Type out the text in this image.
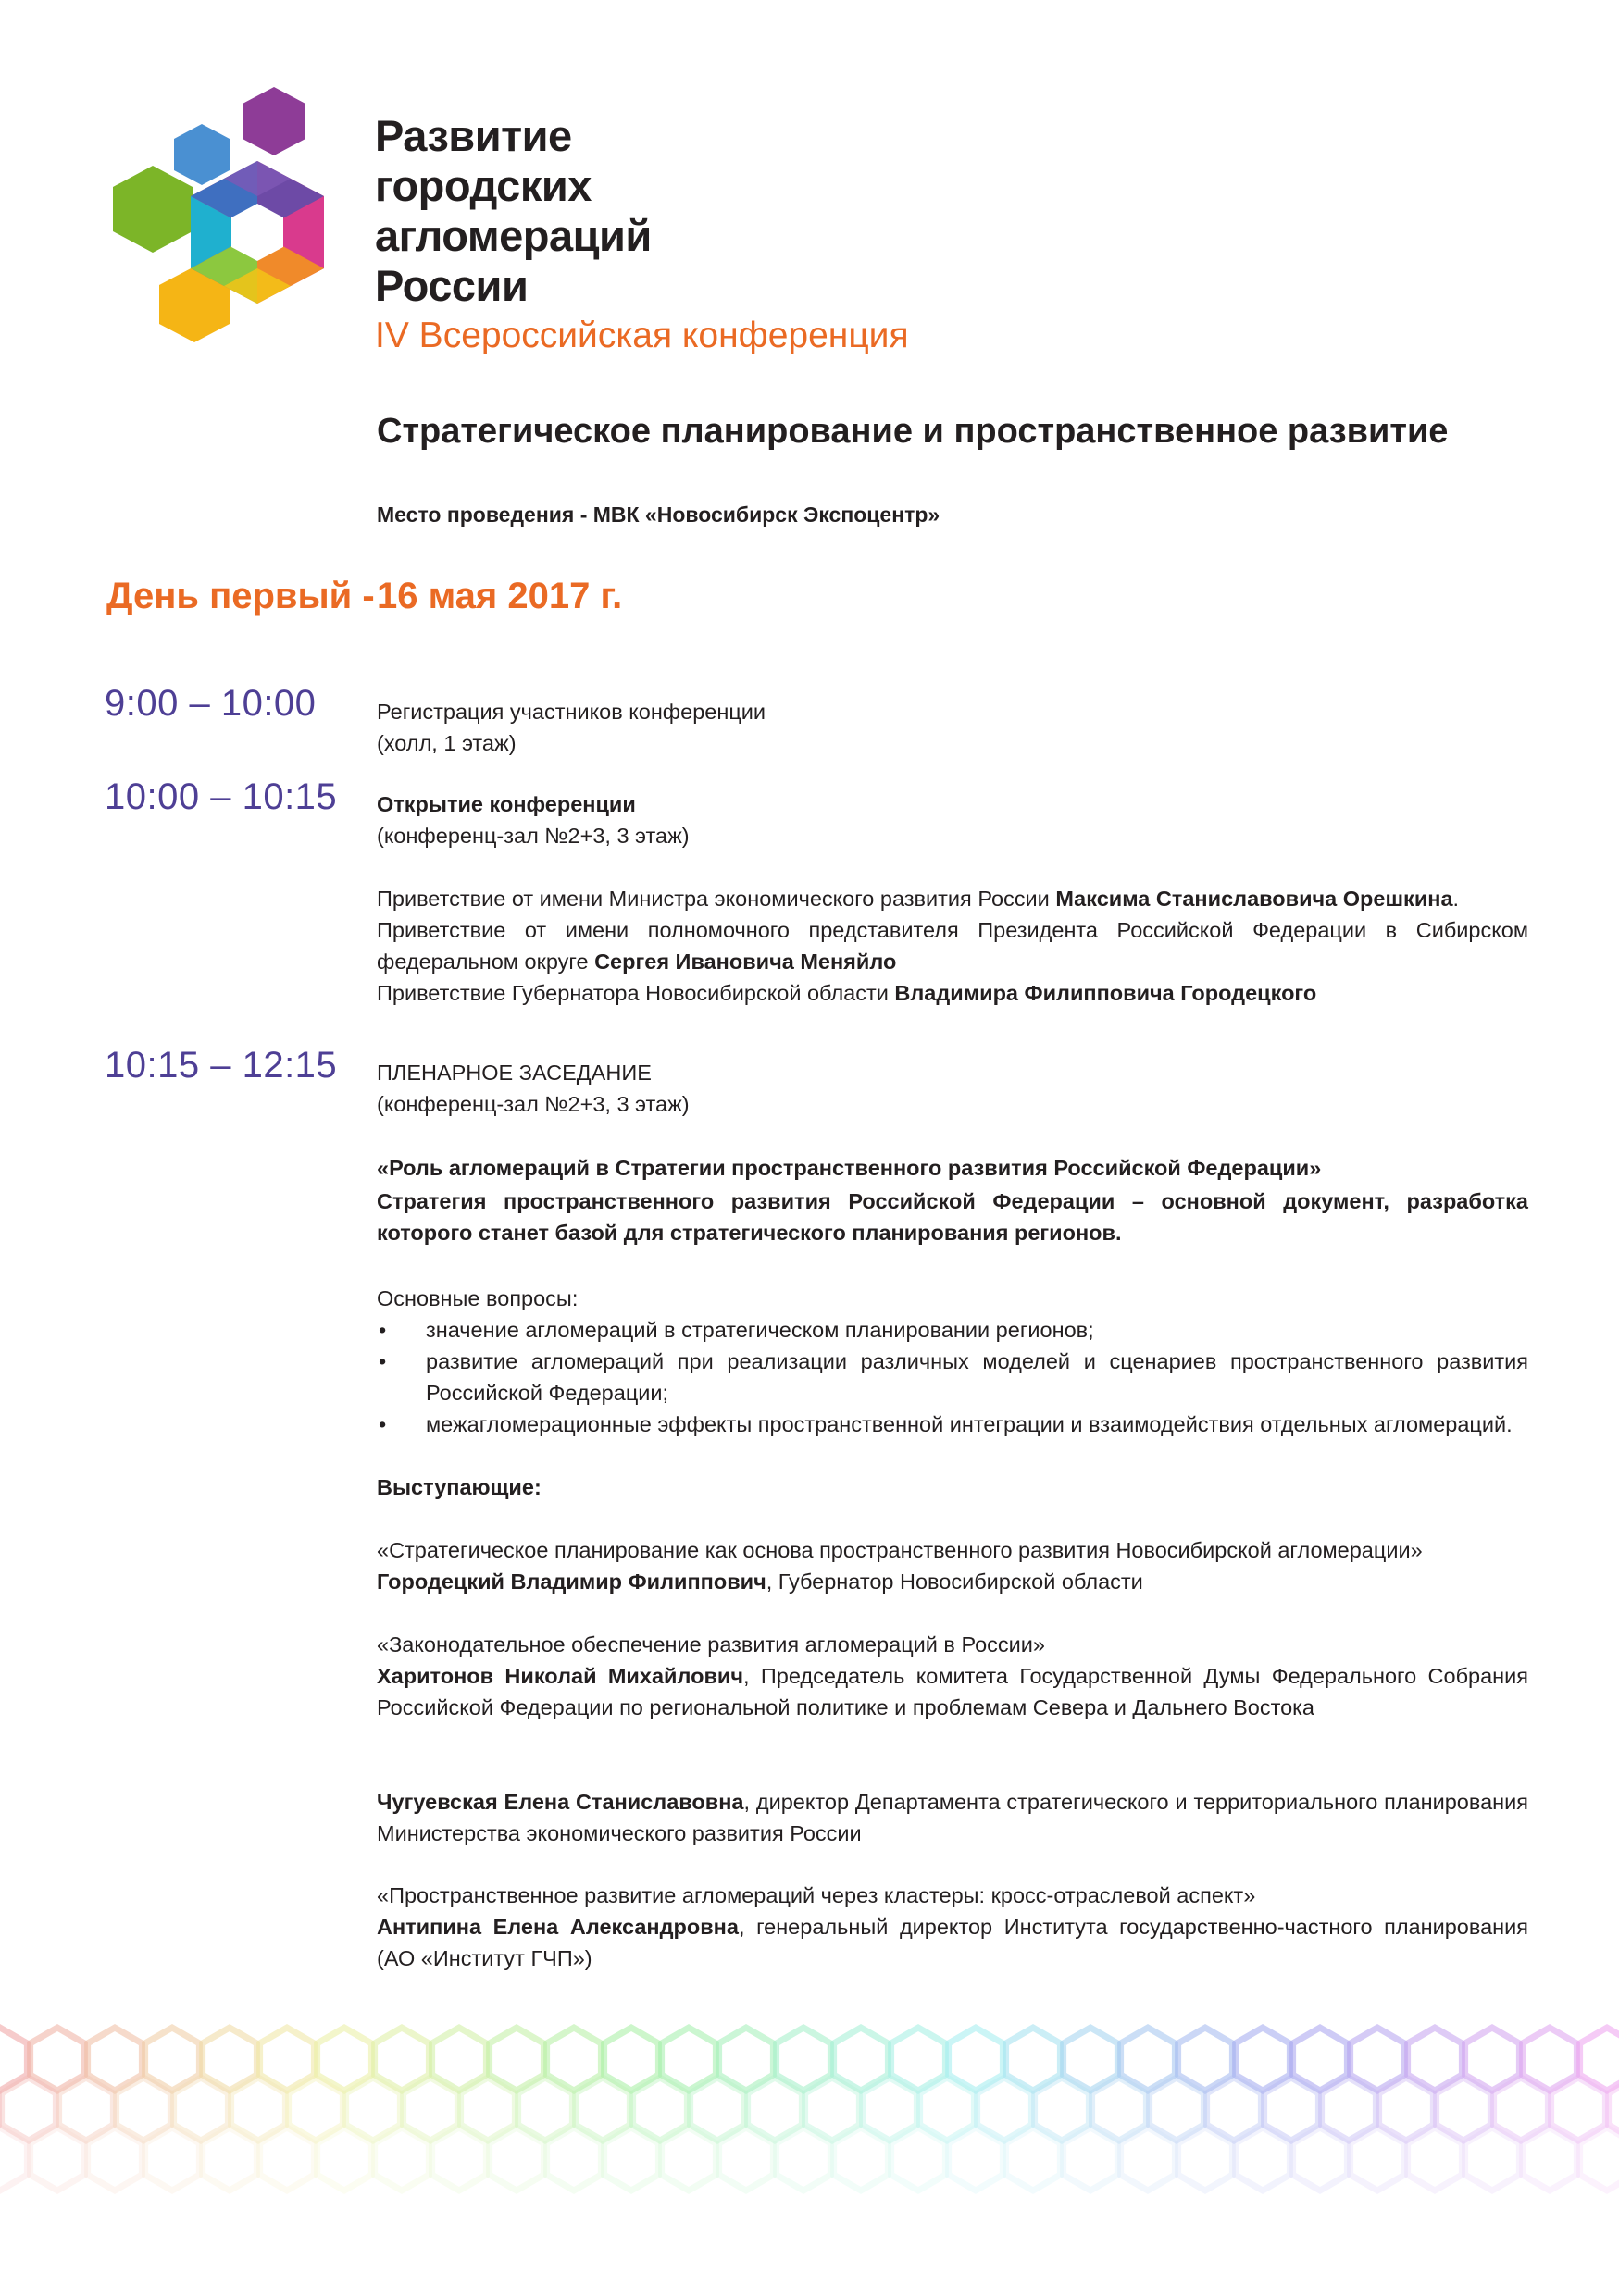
Развитие
городских
агломераций
России
IV Всероссийская конференция
Стратегическое планирование и пространственное развитие
Место проведения - МВК «Новосибирск Экспоцентр»
День первый - 16 мая 2017 г.
9:00 – 10:00	Регистрация участников конференции
(холл, 1 этаж)
10:00 – 10:15 Открытие конференции
(конференц-зал №2+3, 3 этаж)
Приветствие от имени Министра экономического развития России Максима Станиславовича Орешкина.
Приветствие от имени полномочного представителя Президента Российской Федерации в Сибирском федеральном округе Сергея Ивановича Меняйло
Приветствие Губернатора Новосибирской области Владимира Филипповича Городецкого
10:15 – 12:15 ПЛЕНАРНОЕ ЗАСЕДАНИЕ
(конференц-зал №2+3, 3 этаж)
«Роль агломераций в Стратегии пространственного развития Российской Федерации»
Стратегия пространственного развития Российской Федерации – основной документ, разработка которого станет базой для стратегического планирования регионов.
Основные вопросы:
• значение агломераций в стратегическом планировании регионов;
• развитие агломераций при реализации различных моделей и сценариев пространственного развития Российской Федерации;
• межагломерационные эффекты пространственной интеграции и взаимодействия отдельных агломераций.
Выступающие:
«Стратегическое планирование как основа пространственного развития Новосибирской агломерации»
Городецкий Владимир Филиппович, Губернатор Новосибирской области
«Законодательное обеспечение развития агломераций в России»
Харитонов Николай Михайлович, Председатель комитета Государственной Думы Федерального Собрания Российской Федерации по региональной политике и проблемам Севера и Дальнего Востока
Чугуевская Елена Станиславовна, директор Департамента стратегического и территориального планирования Министерства экономического развития России
«Пространственное развитие агломераций через кластеры: кросс-отраслевой аспект»
Антипина Елена Александровна, генеральный директор Института государственно-частного планирования (АО «Институт ГЧП»)
